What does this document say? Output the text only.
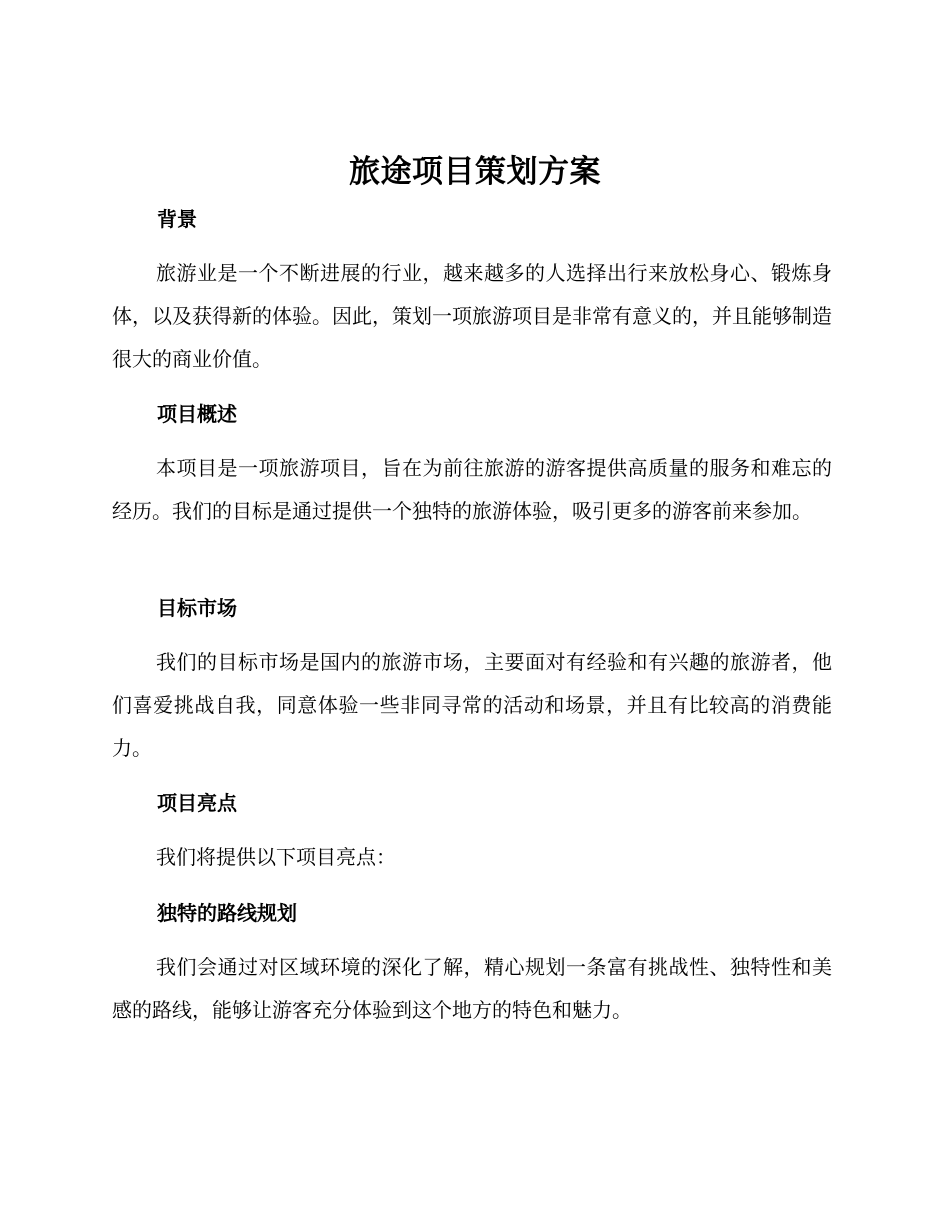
旅途项目策划方案
背景
旅游业是一个不断进展的行业，越来越多的人选择出行来放松身心、锻炼身体，以及获得新的体验。因此，策划一项旅游项目是非常有意义的，并且能够制造很大的商业价值。
项目概述
本项目是一项旅游项目，旨在为前往旅游的游客提供高质量的服务和难忘的经历。我们的目标是通过提供一个独特的旅游体验，吸引更多的游客前来参加。
目标市场
我们的目标市场是国内的旅游市场，主要面对有经验和有兴趣的旅游者，他们喜爱挑战自我，同意体验一些非同寻常的活动和场景，并且有比较高的消费能力。
项目亮点
我们将提供以下项目亮点：
独特的路线规划
我们会通过对区域环境的深化了解，精心规划一条富有挑战性、独特性和美感的路线，能够让游客充分体验到这个地方的特色和魅力。
